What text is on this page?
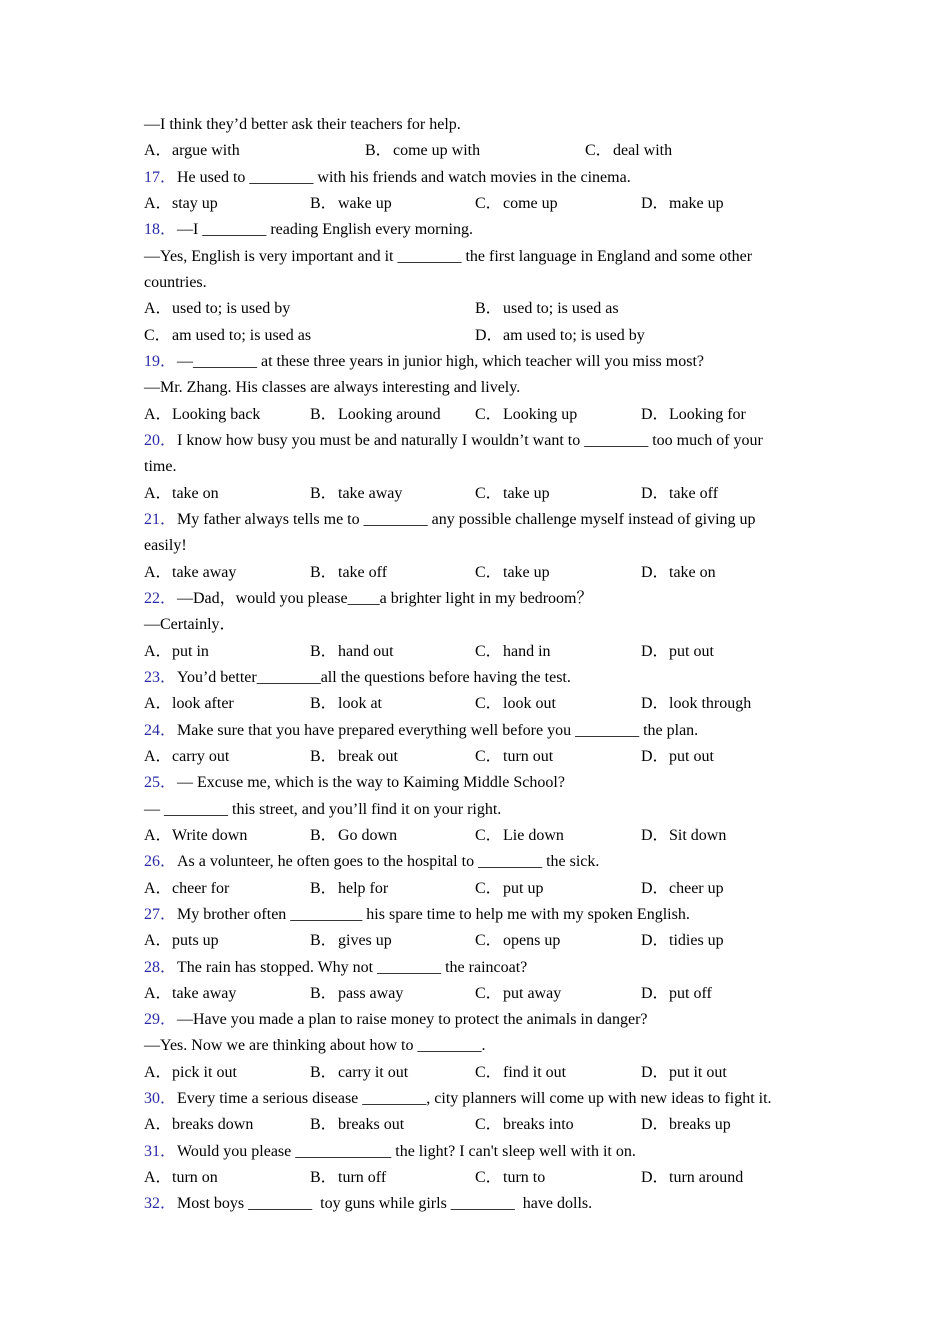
—I think they’d better ask their teachers for help.
A．argue with	B．come up with	C．deal with
17．He used to ________ with his friends and watch movies in the cinema.
A．stay up	B．wake up	C．come up	D．make up
18．—I ________ reading English every morning.
—Yes, English is very important and it ________ the first language in England and some other
countries.
A．used to; is used by	B．used to; is used as
C．am used to; is used as	D．am used to; is used by
19．—________ at these three years in junior high, which teacher will you miss most?
—Mr. Zhang. His classes are always interesting and lively.
A．Looking back	B．Looking around C．Looking up	D．Looking for
20．I know how busy you must be and naturally I wouldn’t want to ________ too much of your
time.
A．take on	B．take away	C．take up	D．take off
21．My father always tells me to ________ any possible challenge myself instead of giving up
easily!
A．take away	B．take off	C．take up	D．take on
22．—Dad，would you please____a brighter light in my bedroom？
—Certainly．
A．put in	B．hand out	C．hand in	D．put out
23．You’d better________all the questions before having the test.
A．look after	B．look at	C．look out	D．look through
24．Make sure that you have prepared everything well before you ________ the plan.
A．carry out	B．break out	C．turn out	D．put out
25．— Excuse me, which is the way to Kaiming Middle School?
— ________ this street, and you’ll find it on your right.
A．Write down	B．Go down	C．Lie down	D．Sit down
26．As a volunteer, he often goes to the hospital to ________ the sick.
A．cheer for	B．help for	C．put up	D．cheer up
27．My brother often _________ his spare time to help me with my spoken English.
A．puts up	B．gives up	C．opens up	D．tidies up
28．The rain has stopped. Why not ________ the raincoat?
A．take away	B．pass away	C．put away	D．put off
29．—Have you made a plan to raise money to protect the animals in danger?
—Yes. Now we are thinking about how to ________.
A．pick it out	B．carry it out	C．find it out	D．put it out
30．Every time a serious disease ________, city planners will come up with new ideas to fight it.
A．breaks down	B．breaks out	C．breaks into	D．breaks up
31．Would you please ____________ the light? I can't sleep well with it on.
A．turn on	B．turn off	C．turn to	D．turn around
32．Most boys ________  toy guns while girls ________  have dolls.
